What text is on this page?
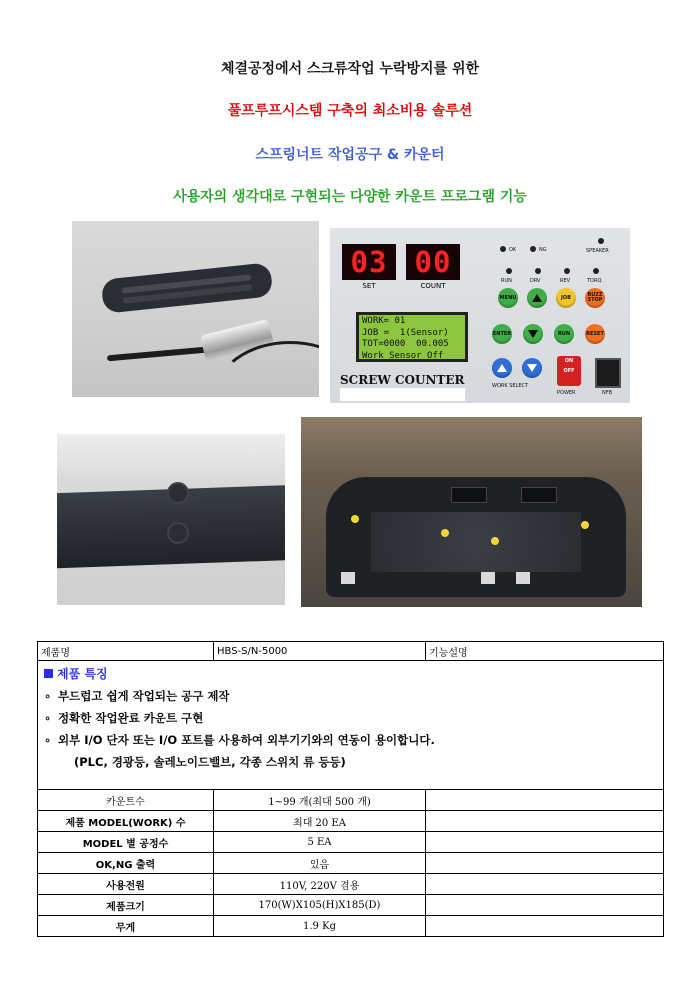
체결공정에서 스크류작업 누락방지를 위한
풀프루프시스템 구축의 최소비용 솔루션
스프링너트 작업공구 & 카운터
사용자의 생각대로 구현되는 다양한 카운트 프로그램 기능
03 00
SET	COUNT
OK	NG	SPEAKER
RUN	DRV	REV	TORQ.
MENU	JOB	BUZZ STOP
ENTER	RUN	RESET
WORK= 01
JOB =  1(Sensor)
TOT=0000  00.005
Work Sensor Off
SCREW COUNTER	WORK SELECT
ON
OFF
POWER	NFB
제품명	HBS-S/N-5000	기능설명

제품 특징
∘ 부드럽고 쉽게 작업되는 공구 제작
∘ 정확한 작업완료 카운트 구현
∘ 외부 I/O 단자 또는 I/O 포트를 사용하여 외부기기와의 연동이 용이합니다.
(PLC, 경광등, 솔레노이드밸브, 각종 스위치 류 등등)		

카운트수	1~99 개(최대 500 개)	
제품 MODEL(WORK) 수	최대 20 EA	
MODEL 별 공정수	5 EA	
OK,NG 출력	있음	
사용전원	110V, 220V 겸용	
제품크기	170(W)X105(H)X185(D)	
무게	1.9 Kg	
